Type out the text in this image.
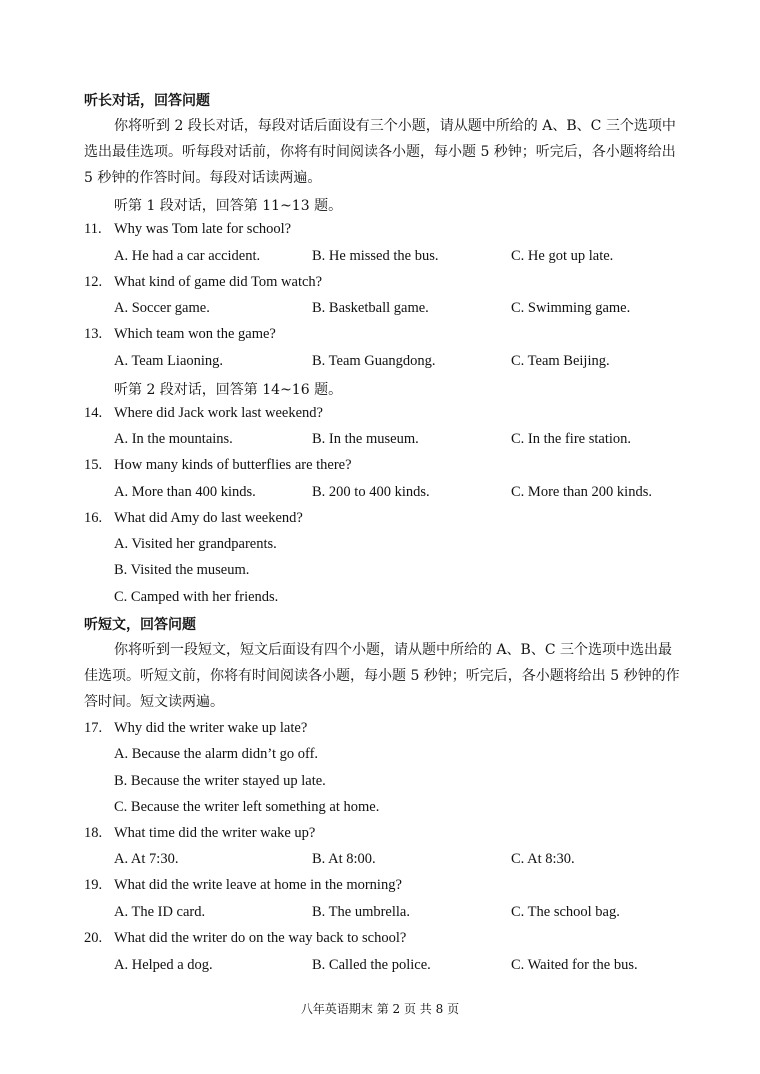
听长对话，回答问题
你将听到 2 段长对话，每段对话后面设有三个小题，请从题中所给的 A、B、C 三个选项中选出最佳选项。听每段对话前，你将有时间阅读各小题，每小题 5 秒钟；听完后，各小题将给出 5 秒钟的作答时间。每段对话读两遍。
听第 1 段对话，回答第 11~13 题。
11. Why was Tom late for school?
A. He had a car accident.	B. He missed the bus.	C. He got up late.
12. What kind of game did Tom watch?
A. Soccer game.	B. Basketball game.	C. Swimming game.
13. Which team won the game?
A. Team Liaoning.	B. Team Guangdong.	C. Team Beijing.
听第 2 段对话，回答第 14~16 题。
14. Where did Jack work last weekend?
A. In the mountains.	B. In the museum.	C. In the fire station.
15. How many kinds of butterflies are there?
A. More than 400 kinds.	B. 200 to 400 kinds.	C. More than 200 kinds.
16. What did Amy do last weekend?
A. Visited her grandparents.
B. Visited the museum.
C. Camped with her friends.
听短文，回答问题
你将听到一段短文，短文后面设有四个小题，请从题中所给的 A、B、C 三个选项中选出最佳选项。听短文前，你将有时间阅读各小题，每小题 5 秒钟；听完后，各小题将给出 5 秒钟的作答时间。短文读两遍。
17. Why did the writer wake up late?
A. Because the alarm didn’t go off.
B. Because the writer stayed up late.
C. Because the writer left something at home.
18. What time did the writer wake up?
A. At 7:30.	B. At 8:00.	C. At 8:30.
19. What did the write leave at home in the morning?
A. The ID card.	B. The umbrella.	C. The school bag.
20. What did the writer do on the way back to school?
A. Helped a dog.	B. Called the police.	C. Waited for the bus.
八年英语期末 第 2 页 共 8 页
